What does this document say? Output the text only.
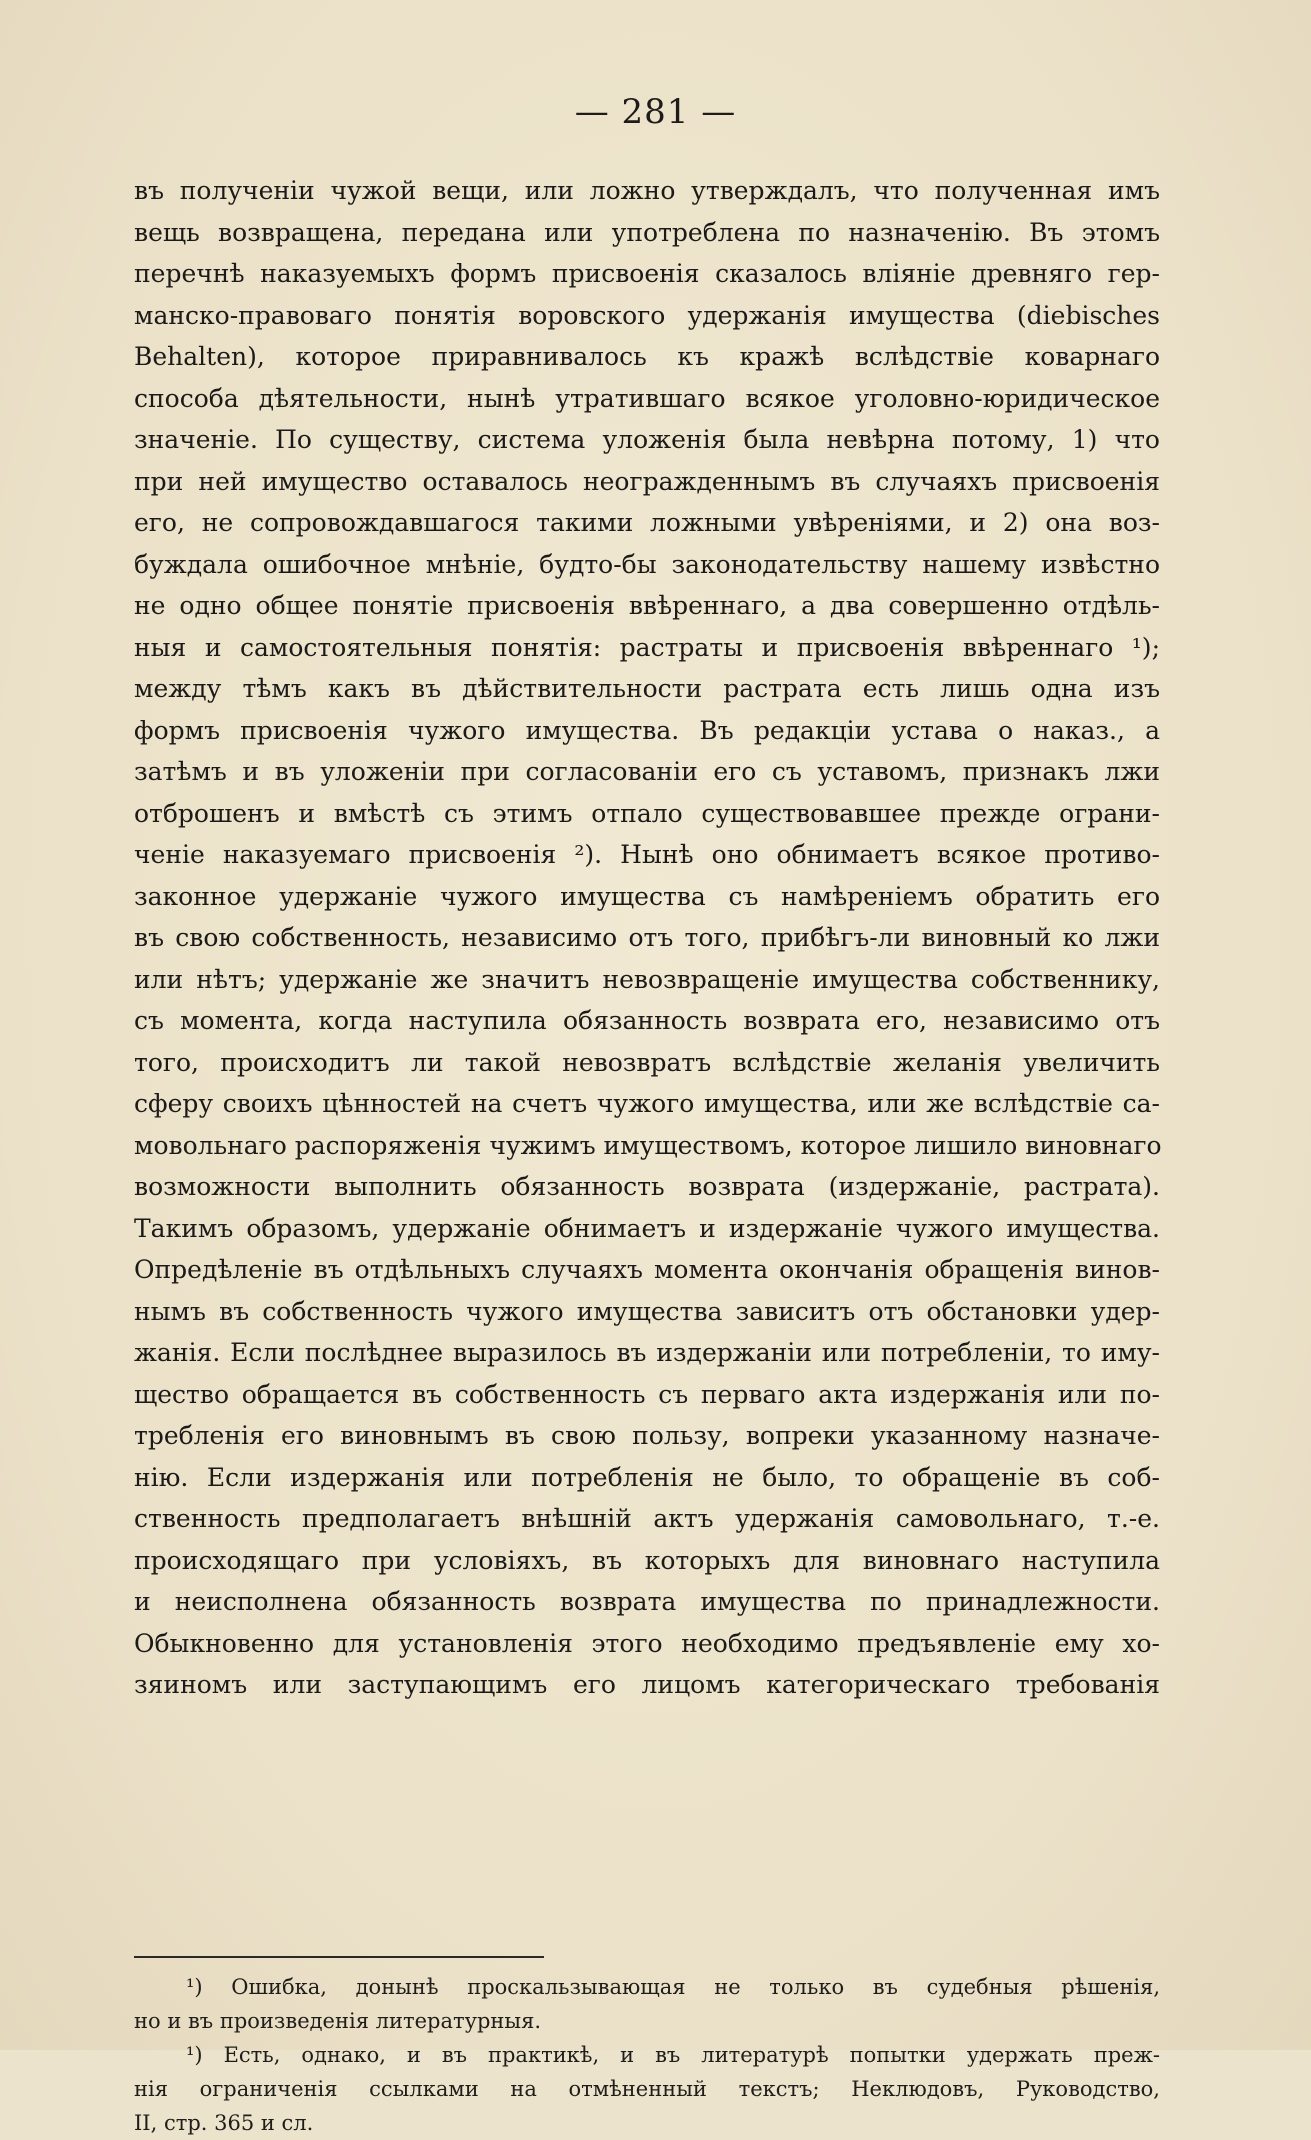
— 281 —
въ полученіи чужой вещи, или ложно утверждалъ, что полученная имъ
вещь возвращена, передана или употреблена по назначенію. Въ этомъ
перечнѣ наказуемыхъ формъ присвоенія сказалось вліяніе древняго гер-
манско-правоваго понятія воровского удержанія имущества (diebisches
Behalten), которое приравнивалось къ кражѣ вслѣдствіе коварнаго
способа дѣятельности, нынѣ утратившаго всякое уголовно-юридическое
значеніе. По существу, система уложенія была невѣрна потому, 1) что
при ней имущество оставалось неогражденнымъ въ случаяхъ присвоенія
его, не сопровождавшагося такими ложными увѣреніями, и 2) она воз-
буждала ошибочное мнѣніе, будто-бы законодательству нашему извѣстно
не одно общее понятіе присвоенія ввѣреннаго, а два совершенно отдѣль-
ныя и самостоятельныя понятія: растраты и присвоенія ввѣреннаго ¹);
между тѣмъ какъ въ дѣйствительности растрата есть лишь одна изъ
формъ присвоенія чужого имущества. Въ редакціи устава о наказ., а
затѣмъ и въ уложеніи при согласованіи его съ уставомъ, признакъ лжи
отброшенъ и вмѣстѣ съ этимъ отпало существовавшее прежде ограни-
ченіе наказуемаго присвоенія ²). Нынѣ оно обнимаетъ всякое противо-
законное удержаніе чужого имущества съ намѣреніемъ обратить его
въ свою собственность, независимо отъ того, прибѣгъ-ли виновный ко лжи
или нѣтъ; удержаніе же значитъ невозвращеніе имущества собственнику,
съ момента, когда наступила обязанность возврата его, независимо отъ
того, происходитъ ли такой невозвратъ вслѣдствіе желанія увеличить
сферу своихъ цѣнностей на счетъ чужого имущества, или же вслѣдствіе са-
мовольнаго распоряженія чужимъ имуществомъ, которое лишило виновнаго
возможности выполнить обязанность возврата (издержаніе, растрата).
Такимъ образомъ, удержаніе обнимаетъ и издержаніе чужого имущества.
Опредѣленіе въ отдѣльныхъ случаяхъ момента окончанія обращенія винов-
нымъ въ собственность чужого имущества зависитъ отъ обстановки удер-
жанія. Если послѣднее выразилось въ издержаніи или потребленіи, то иму-
щество обращается въ собственность съ перваго акта издержанія или по-
требленія его виновнымъ въ свою пользу, вопреки указанному назначе-
нію. Если издержанія или потребленія не было, то обращеніе въ соб-
ственность предполагаетъ внѣшній актъ удержанія самовольнаго, т.-е.
происходящаго при условіяхъ, въ которыхъ для виновнаго наступила
и неисполнена обязанность возврата имущества по принадлежности.
Обыкновенно для установленія этого необходимо предъявленіе ему хо-
зяиномъ или заступающимъ его лицомъ категорическаго требованія
¹) Ошибка, донынѣ проскальзывающая не только въ судебныя рѣшенія,
но и въ произведенія литературныя.
¹) Есть, однако, и въ практикѣ, и въ литературѣ попытки удержать преж-
нія ограниченія ссылками на отмѣненный текстъ; Неклюдовъ, Руководство,
II, стр. 365 и сл.
